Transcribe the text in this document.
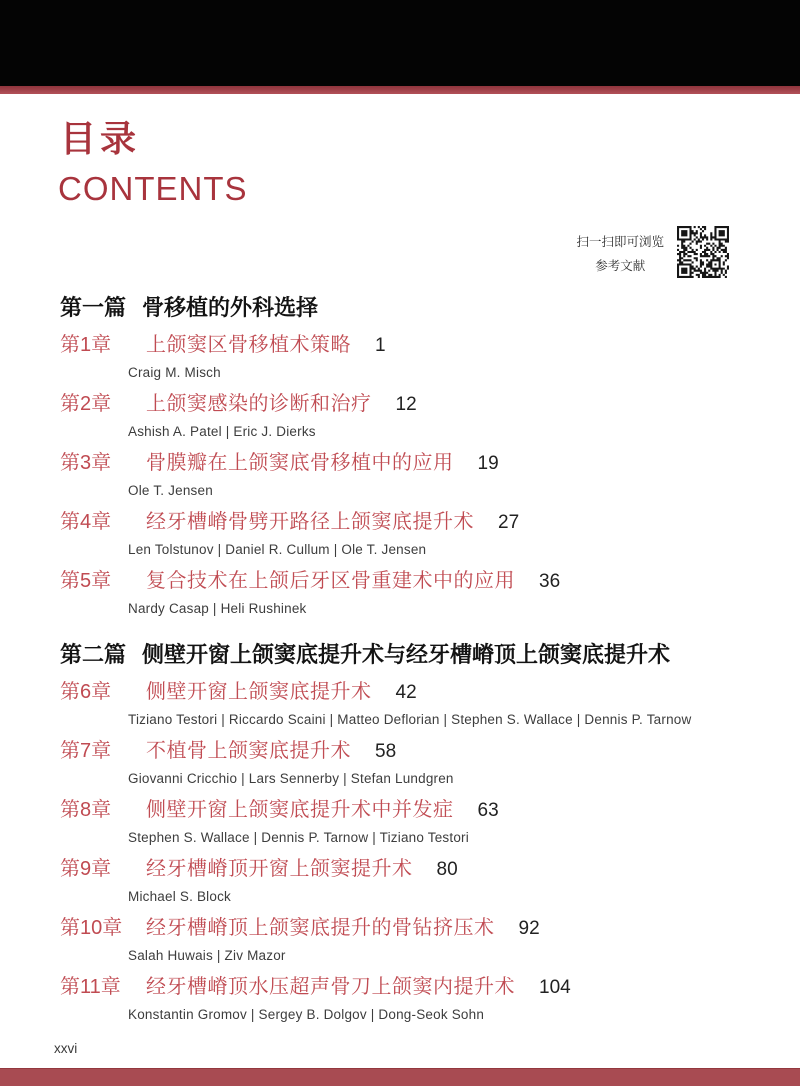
目录
CONTENTS
扫一扫即可浏览
参考文献
第一篇 骨移植的外科选择
第1章	上颌窦区骨移植术策略 1
Craig M. Misch
第2章	上颌窦感染的诊断和治疗 12
Ashish A. Patel | Eric J. Dierks
第3章	骨膜瓣在上颌窦底骨移植中的应用 19
Ole T. Jensen
第4章	经牙槽嵴骨劈开路径上颌窦底提升术 27
Len Tolstunov | Daniel R. Cullum | Ole T. Jensen
第5章	复合技术在上颌后牙区骨重建术中的应用 36
Nardy Casap | Heli Rushinek
第二篇 侧壁开窗上颌窦底提升术与经牙槽嵴顶上颌窦底提升术
第6章	侧壁开窗上颌窦底提升术 42
Tiziano Testori | Riccardo Scaini | Matteo Deflorian | Stephen S. Wallace | Dennis P. Tarnow
第7章	不植骨上颌窦底提升术 58
Giovanni Cricchio | Lars Sennerby | Stefan Lundgren
第8章	侧壁开窗上颌窦底提升术中并发症 63
Stephen S. Wallace | Dennis P. Tarnow | Tiziano Testori
第9章	经牙槽嵴顶开窗上颌窦提升术 80
Michael S. Block
第10章	经牙槽嵴顶上颌窦底提升的骨钻挤压术 92
Salah Huwais | Ziv Mazor
第11章	经牙槽嵴顶水压超声骨刀上颌窦内提升术 104
Konstantin Gromov | Sergey B. Dolgov | Dong-Seok Sohn
xxvi
